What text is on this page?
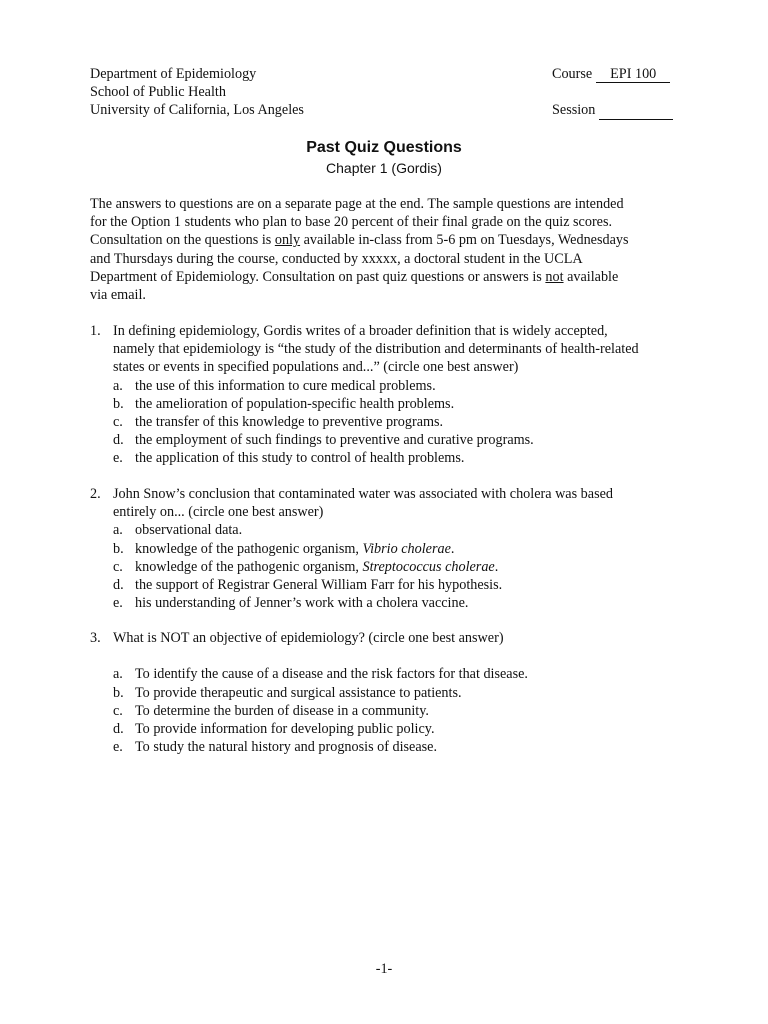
Department of Epidemiology
School of Public Health
University of California, Los Angeles
Course EPI 100
Session
Past Quiz Questions
Chapter 1 (Gordis)
The answers to questions are on a separate page at the end. The sample questions are intended
for the Option 1 students who plan to base 20 percent of their final grade on the quiz scores.
Consultation on the questions is only available in-class from 5-6 pm on Tuesdays, Wednesdays
and Thursdays during the course, conducted by xxxxx, a doctoral student in the UCLA
Department of Epidemiology. Consultation on past quiz questions or answers is not available
via email.
1. In defining epidemiology, Gordis writes of a broader definition that is widely accepted,
namely that epidemiology is “the study of the distribution and determinants of health-related
states or events in specified populations and...” (circle one best answer)
a. the use of this information to cure medical problems.
b. the amelioration of population-specific health problems.
c. the transfer of this knowledge to preventive programs.
d. the employment of such findings to preventive and curative programs.
e. the application of this study to control of health problems.
2. John Snow’s conclusion that contaminated water was associated with cholera was based
entirely on... (circle one best answer)
a. observational data.
b. knowledge of the pathogenic organism, Vibrio cholerae.
c. knowledge of the pathogenic organism, Streptococcus cholerae.
d. the support of Registrar General William Farr for his hypothesis.
e. his understanding of Jenner’s work with a cholera vaccine.
3. What is NOT an objective of epidemiology? (circle one best answer)
a. To identify the cause of a disease and the risk factors for that disease.
b. To provide therapeutic and surgical assistance to patients.
c. To determine the burden of disease in a community.
d. To provide information for developing public policy.
e. To study the natural history and prognosis of disease.
-1-
